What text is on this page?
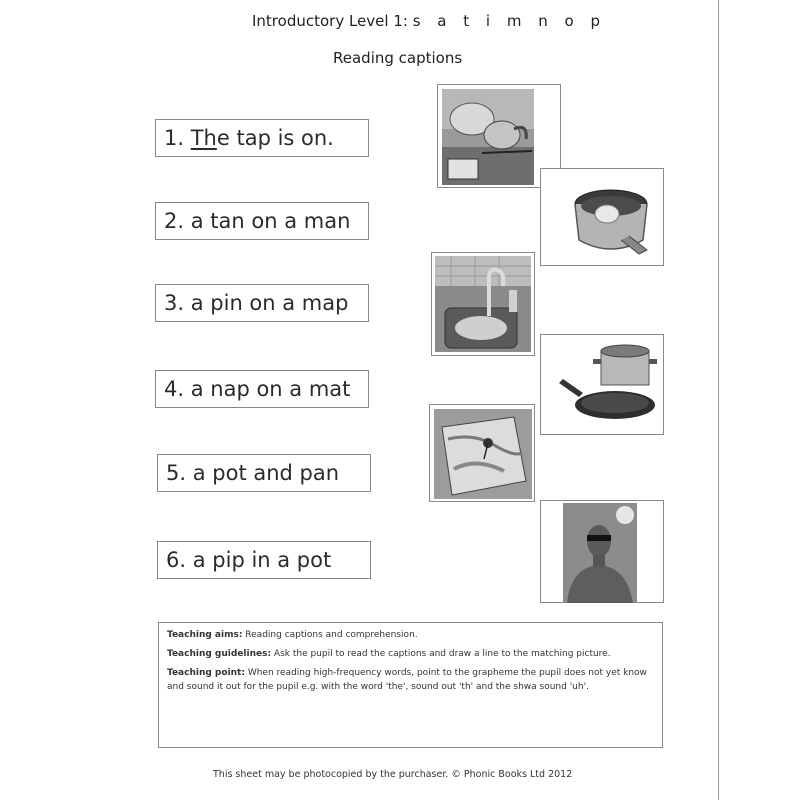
Introductory Level 1: s a t i m n o p
Reading captions
1. The tap is on.
2. a tan on a man
3. a pin on a map
4. a nap on a mat
5. a pot and pan
6. a pip in a pot

Teaching aims: Reading captions and comprehension.

Teaching guidelines: Ask the pupil to read the captions and draw a line to the matching picture.

Teaching point: When reading high-frequency words, point to the grapheme the pupil does not yet know and sound it out for the pupil e.g. with the word 'the', sound out 'th' and the shwa sound 'uh'.

This sheet may be photocopied by the purchaser. © Phonic Books Ltd 2012
